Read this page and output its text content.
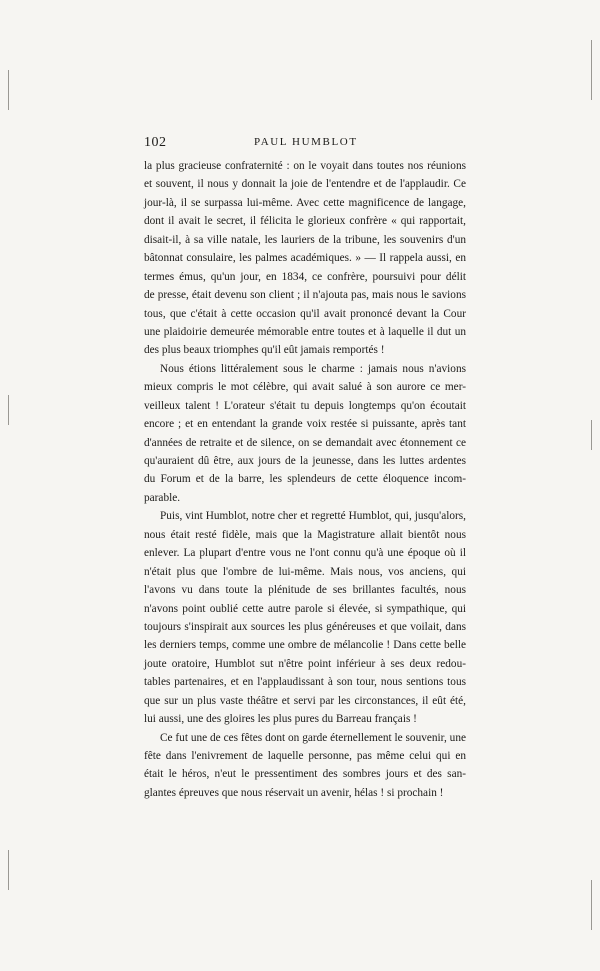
102	PAUL HUMBLOT
la plus gracieuse confraternité : on le voyait dans toutes nos réunions
et souvent, il nous y donnait la joie de l'entendre et de l'applaudir. Ce
jour-là, il se surpassa lui-même. Avec cette magnificence de langage,
dont il avait le secret, il félicita le glorieux confrère « qui rapportait,
disait-il, à sa ville natale, les lauriers de la tribune, les souvenirs d'un
bâtonnat consulaire, les palmes académiques. » — Il rappela aussi, en
termes émus, qu'un jour, en 1834, ce confrère, poursuivi pour délit
de presse, était devenu son client ; il n'ajouta pas, mais nous le savions
tous, que c'était à cette occasion qu'il avait prononcé devant la Cour
une plaidoirie demeurée mémorable entre toutes et à laquelle il dut un
des plus beaux triomphes qu'il eût jamais remportés !
Nous étions littéralement sous le charme : jamais nous n'avions
mieux compris le mot célèbre, qui avait salué à son aurore ce mer-
veilleux talent ! L'orateur s'était tu depuis longtemps qu'on écoutait
encore ; et en entendant la grande voix restée si puissante, après tant
d'années de retraite et de silence, on se demandait avec étonnement ce
qu'auraient dû être, aux jours de la jeunesse, dans les luttes ardentes
du Forum et de la barre, les splendeurs de cette éloquence incom-
parable.
Puis, vint Humblot, notre cher et regretté Humblot, qui, jusqu'alors,
nous était resté fidèle, mais que la Magistrature allait bientôt nous
enlever. La plupart d'entre vous ne l'ont connu qu'à une époque où il
n'était plus que l'ombre de lui-même. Mais nous, vos anciens, qui
l'avons vu dans toute la plénitude de ses brillantes facultés, nous
n'avons point oublié cette autre parole si élevée, si sympathique, qui
toujours s'inspirait aux sources les plus généreuses et que voilait, dans
les derniers temps, comme une ombre de mélancolie ! Dans cette belle
joute oratoire, Humblot sut n'être point inférieur à ses deux redou-
tables partenaires, et en l'applaudissant à son tour, nous sentions tous
que sur un plus vaste théâtre et servi par les circonstances, il eût été,
lui aussi, une des gloires les plus pures du Barreau français !
Ce fut une de ces fêtes dont on garde éternellement le souvenir, une
fête dans l'enivrement de laquelle personne, pas même celui qui en
était le héros, n'eut le pressentiment des sombres jours et des san-
glantes épreuves que nous réservait un avenir, hélas ! si prochain !
